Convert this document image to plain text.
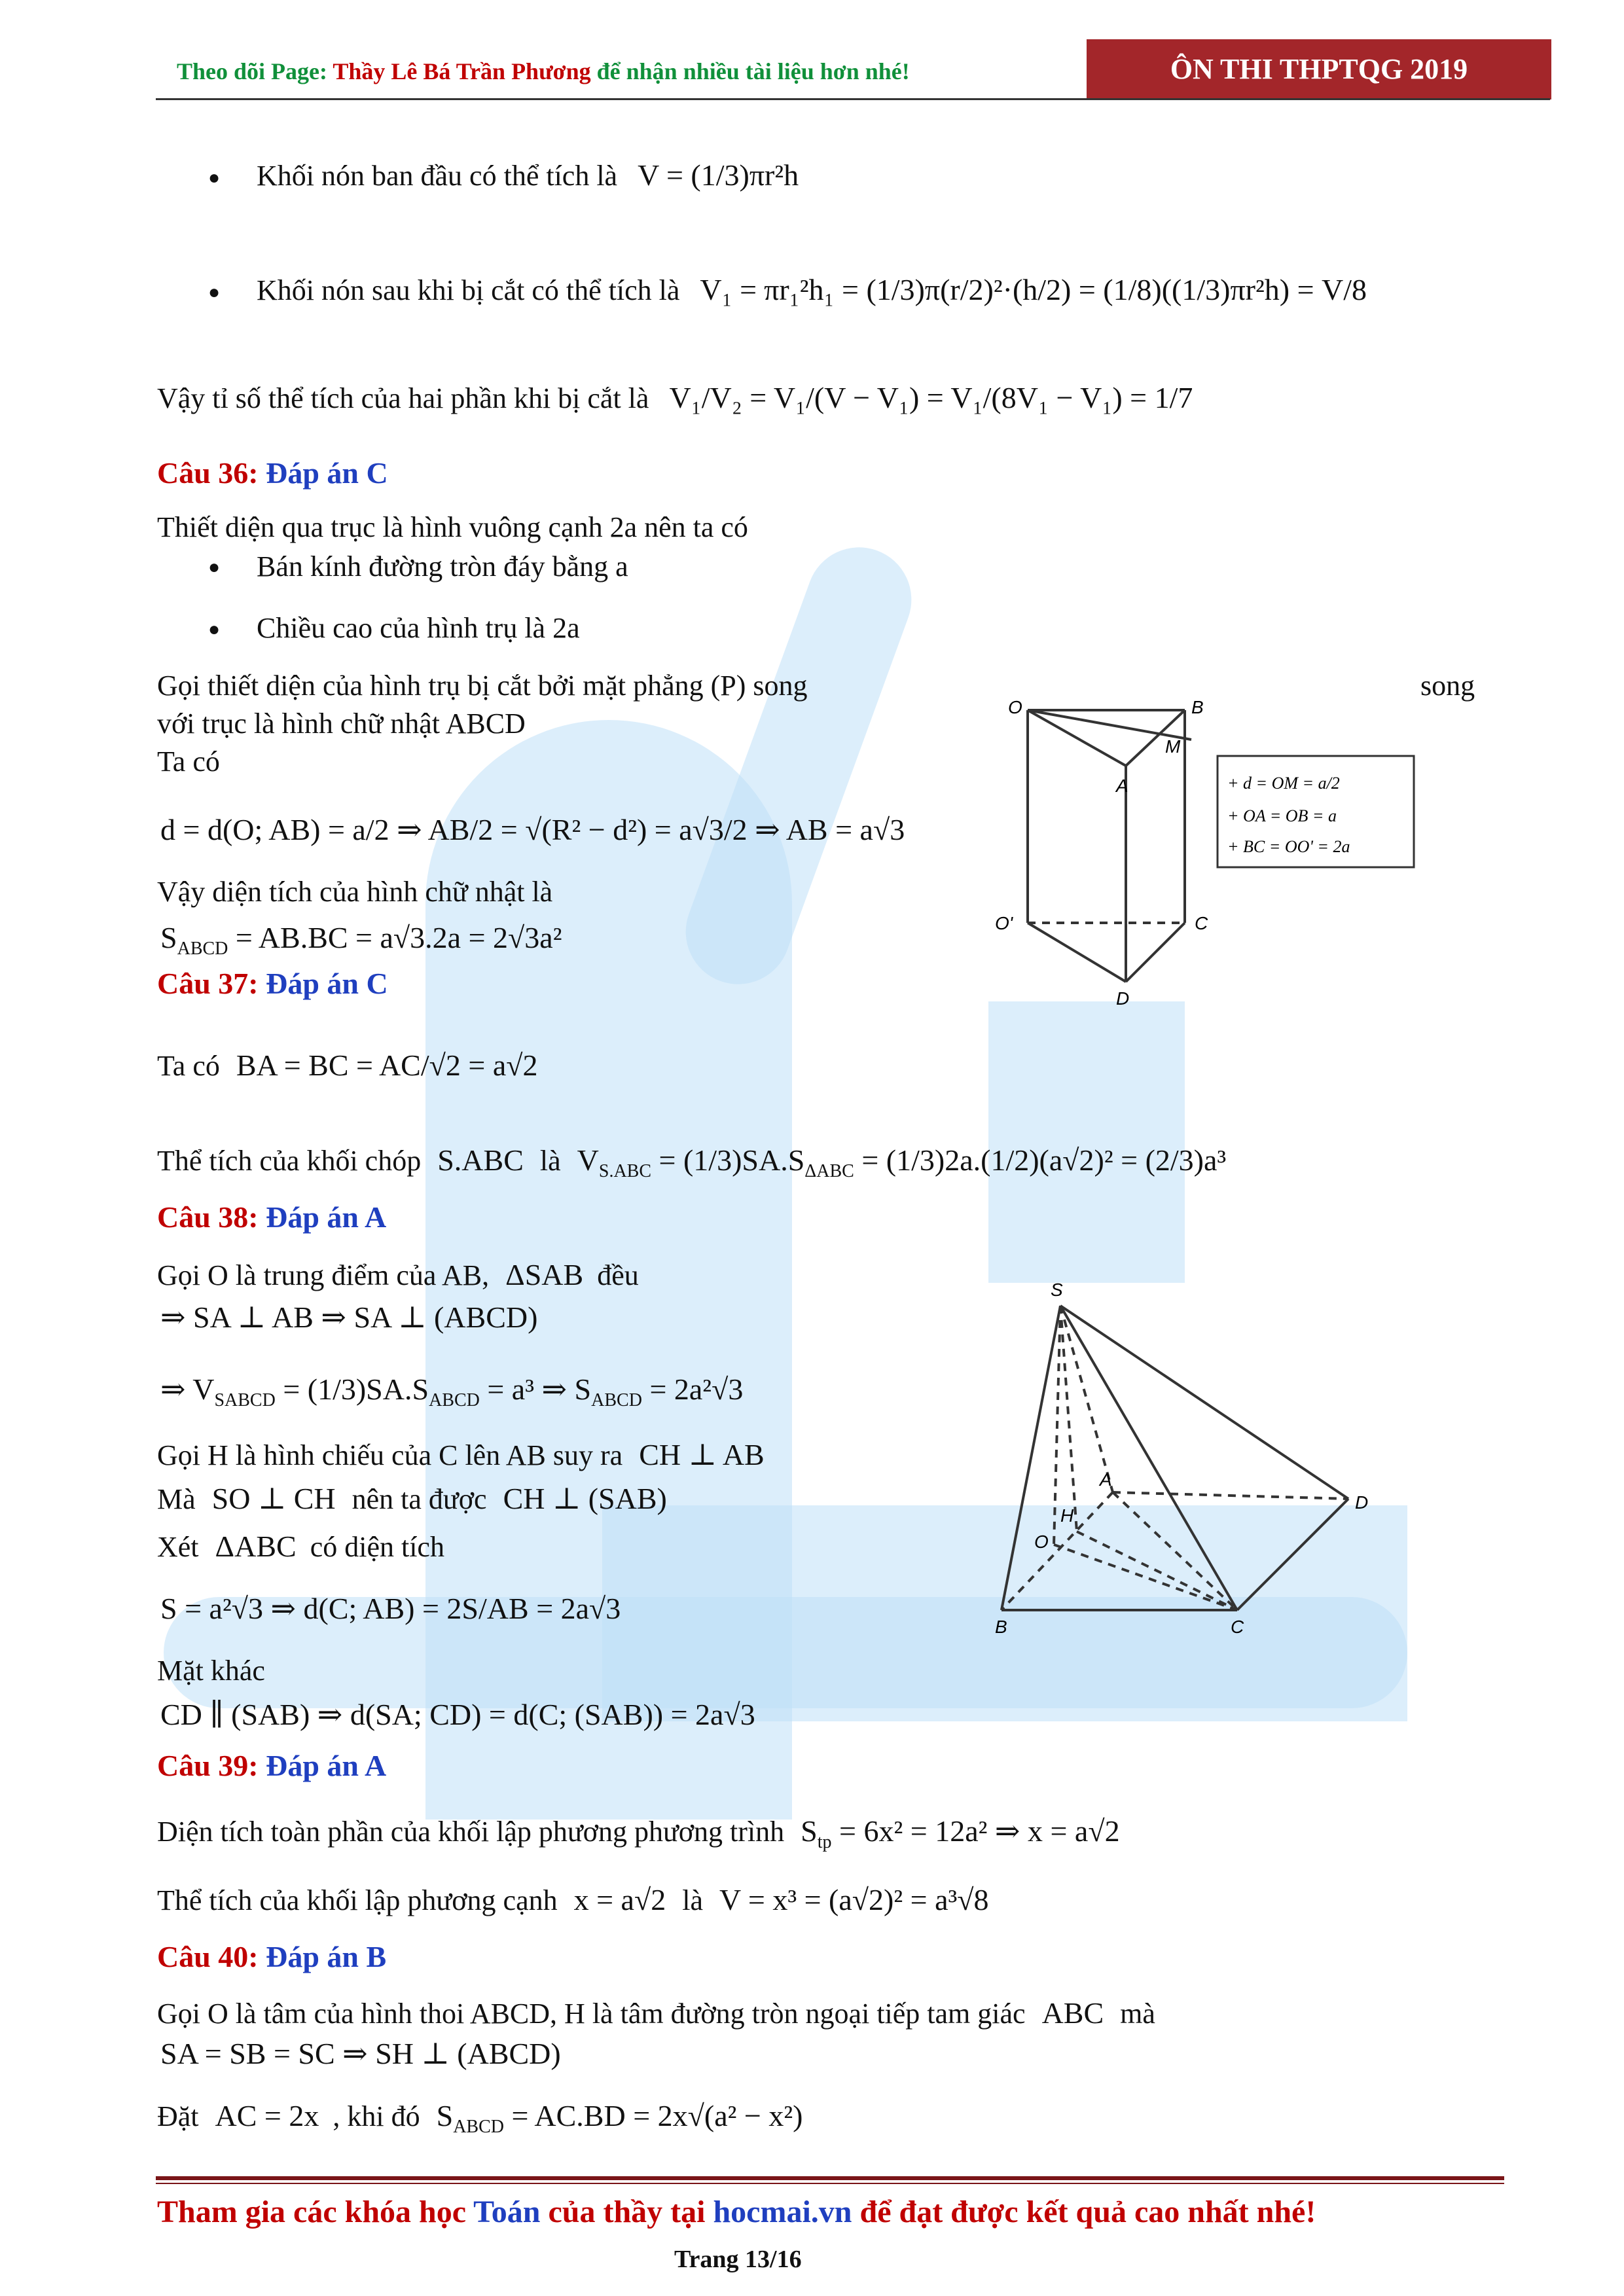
Theo dõi Page: Thầy Lê Bá Trần Phương để nhận nhiều tài liệu hơn nhé!	ÔN THI THPTQG 2019
● Khối nón ban đầu có thể tích là V = (1/3)πr²h
● Khối nón sau khi bị cắt có thể tích là V₁ = πr₁²h₁ = (1/3)π(r/2)²·(h/2) = (1/8)((1/3)πr²h) = V/8
Vậy tỉ số thể tích của hai phần khi bị cắt là V₁/V₂ = V₁/(V − V₁) = V₁/(8V₁ − V₁) = 1/7
Câu 36: Đáp án C
Thiết diện qua trục là hình vuông cạnh 2a nên ta có
● Bán kính đường tròn đáy bằng a
● Chiều cao của hình trụ là 2a
Gọi thiết diện của hình trụ bị cắt bởi mặt phẳng (P) song	song
với trục là hình chữ nhật ABCD
Ta có
d = d(O; AB) = a/2 ⇒ AB/2 = √(R² − d²) = a√3/2 ⇒ AB = a√3
Vậy diện tích của hình chữ nhật là
$S_{ABCD} = AB.BC = a√3.2a = 2√3a^2$
O	B
M
A
O'	C
D
+ d = OM = a/2
+ OA = OB = a
+ BC = OO' = 2a
Câu 37: Đáp án C
Ta có BA = BC = AC/√2 = a√2
Thể tích của khối chóp S.ABC là $V_{S.ABC} = (1/3)SA.S_{\Delta ABC} = (1/3)2a.(1/2)(a√2)^2 = (2/3)a^3$
Câu 38: Đáp án A
Gọi O là trung điểm của AB, ΔSAB đều
⇒ SA ⊥ AB ⇒ SA ⊥ (ABCD)
⇒ $V_{SABCD} = (1/3)SA.S_{ABCD} = a^3$ ⇒ $S_{ABCD} = 2a^2√3$
Gọi H là hình chiếu của C lên AB suy ra CH ⊥ AB
Mà SO ⊥ CH nên ta được CH ⊥ (SAB)
Xét ΔABC có diện tích
S = a²√3 ⇒ d(C; AB) = 2S/AB = 2a√3
Mặt khác
CD ∥ (SAB) ⇒ d(SA; CD) = d(C; (SAB)) = 2a√3
S
A
H
O
B	C
D
Câu 39: Đáp án A
Diện tích toàn phần của khối lập phương phương trình $S_{tp} = 6x^2 = 12a^2$ ⇒ x = a√2
Thể tích của khối lập phương cạnh x = a√2 là V = x³ = (a√2)² = a³√8
Câu 40: Đáp án B
Gọi O là tâm của hình thoi ABCD, H là tâm đường tròn ngoại tiếp tam giác ABC mà
SA = SB = SC ⇒ SH ⊥ (ABCD)
Đặt AC = 2x , khi đó $S_{ABCD} = AC.BD = 2x√(a^2 - x^2)$
Tham gia các khóa học Toán của thầy tại hocmai.vn để đạt được kết quả cao nhất nhé!
Trang 13/16
